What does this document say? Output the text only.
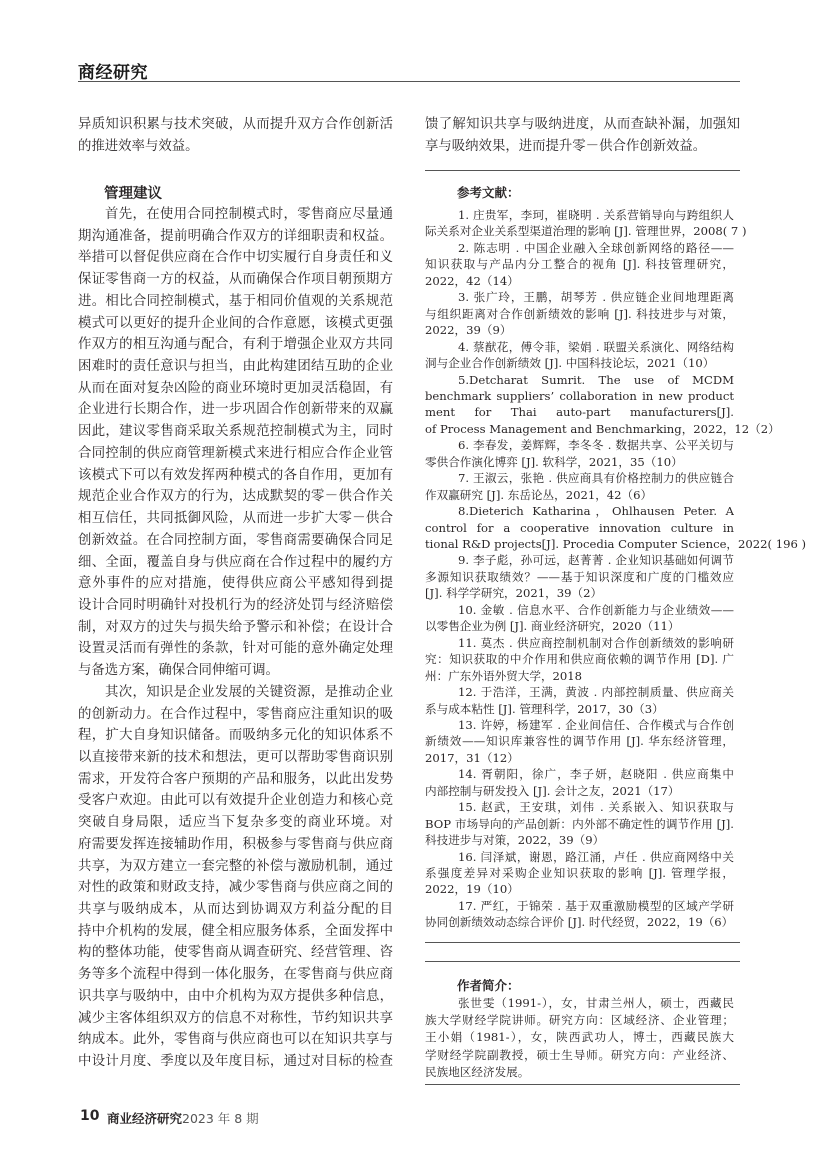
商经研究
异质知识积累与技术突破，从而提升双方合作创新活
的推进效率与效益。
首先，在使用合同控制模式时，零售商应尽量通
期沟通准备，提前明确合作双方的详细职责和权益。
举措可以督促供应商在合作中切实履行自身责任和义
保证零售商一方的权益，从而确保合作项目朝预期方
进。相比合同控制模式，基于相同价值观的关系规范
模式可以更好的提升企业间的合作意愿，该模式更强
作双方的相互沟通与配合，有利于增强企业双方共同
困难时的责任意识与担当，由此构建团结互助的企业
从而在面对复杂凶险的商业环境时更加灵活稳固，有
企业进行长期合作，进一步巩固合作创新带来的双赢
因此，建议零售商采取关系规范控制模式为主，同时
合同控制的供应商管理新模式来进行相应合作企业管
该模式下可以有效发挥两种模式的各自作用，更加有
规范企业合作双方的行为，达成默契的零－供合作关
相互信任，共同抵御风险，从而进一步扩大零－供合
创新效益。在合同控制方面，零售商需要确保合同足
细、全面，覆盖自身与供应商在合作过程中的履约方
意外事件的应对措施，使得供应商公平感知得到提
设计合同时明确针对投机行为的经济处罚与经济赔偿
制，对双方的过失与损失给予警示和补偿；在设计合
设置灵活而有弹性的条款，针对可能的意外确定处理
与备选方案，确保合同伸缩可调。
其次，知识是企业发展的关键资源，是推动企业
的创新动力。在合作过程中，零售商应注重知识的吸
程，扩大自身知识储备。而吸纳多元化的知识体系不
以直接带来新的技术和想法，更可以帮助零售商识别
需求，开发符合客户预期的产品和服务，以此出发势
受客户欢迎。由此可以有效提升企业创造力和核心竞
突破自身局限，适应当下复杂多变的商业环境。对
府需要发挥连接辅助作用，积极参与零售商与供应商
共享，为双方建立一套完整的补偿与激励机制，通过
对性的政策和财政支持，减少零售商与供应商之间的
共享与吸纳成本，从而达到协调双方利益分配的目
持中介机构的发展，健全相应服务体系，全面发挥中
构的整体功能，使零售商从调查研究、经营管理、咨
务等多个流程中得到一体化服务，在零售商与供应商
识共享与吸纳中，由中介机构为双方提供多种信息，
减少主客体组织双方的信息不对称性，节约知识共享
纳成本。此外，零售商与供应商也可以在知识共享与
中设计月度、季度以及年度目标，通过对目标的检查
管理建议
馈了解知识共享与吸纳进度，从而查缺补漏，加强知
享与吸纳效果，进而提升零－供合作创新效益。
1. 庄贵军，李珂，崔晓明 . 关系营销导向与跨组织人
际关系对企业关系型渠道治理的影响 [J]. 管理世界，2008( 7 )
2. 陈志明 . 中国企业融入全球创新网络的路径——
知识获取与产品内分工整合的视角 [J]. 科技管理研究，
2022，42（14）
3. 张广玲，王鹏，胡琴芳 . 供应链企业间地理距离
与组织距离对合作创新绩效的影响 [J]. 科技进步与对策，
2022，39（9）
4. 蔡猷花，傅令菲，梁娟 . 联盟关系演化、网络结构
洞与企业合作创新绩效 [J]. 中国科技论坛，2021（10）
5.Detcharat Sumrit. The use of MCDM
benchmark suppliers’ collaboration in new product
ment for Thai auto-part manufacturers[J].
of Process Management and Benchmarking，2022，12（2）
6. 李春发，姜辉辉，李冬冬 . 数据共享、公平关切与
零供合作演化博弈 [J]. 软科学，2021，35（10）
7. 王淑云，张艳 . 供应商具有价格控制力的供应链合
作双赢研究 [J]. 东岳论丛，2021，42（6）
8.Dieterich Katharina，Ohlhausen Peter. A
control for a cooperative innovation culture in
tional R&D projects[J]. Procedia Computer Science，2022( 196 )
9. 李子彪，孙可远，赵菁菁 . 企业知识基础如何调节
多源知识获取绩效？——基于知识深度和广度的门槛效应
[J]. 科学学研究，2021，39（2）
10. 金敏 . 信息水平、合作创新能力与企业绩效——
以零售企业为例 [J]. 商业经济研究，2020（11）
11. 莫杰 . 供应商控制机制对合作创新绩效的影响研
究：知识获取的中介作用和供应商依赖的调节作用 [D]. 广
州：广东外语外贸大学，2018
12. 于浩洋，王满，黄波 . 内部控制质量、供应商关
系与成本粘性 [J]. 管理科学，2017，30（3）
13. 许婷，杨建军 . 企业间信任、合作模式与合作创
新绩效——知识库兼容性的调节作用 [J]. 华东经济管理，
2017，31（12）
14. 胥朝阳，徐广，李子妍，赵晓阳 . 供应商集中
内部控制与研发投入 [J]. 会计之友，2021（17）
15. 赵武，王安琪，刘伟 . 关系嵌入、知识获取与
BOP 市场导向的产品创新：内外部不确定性的调节作用 [J].
科技进步与对策，2022，39（9）
16. 闫泽斌，谢恩，路江涌，卢任 . 供应商网络中关
系强度差异对采购企业知识获取的影响 [J]. 管理学报，
2022，19（10）
17. 严红，于锦荣 . 基于双重激励模型的区域产学研
协同创新绩效动态综合评价 [J]. 时代经贸，2022，19（6）
张世雯（1991-），女，甘肃兰州人，硕士，西藏民
族大学财经学院讲师。研究方向：区域经济、企业管理；
王小娟（1981-），女，陕西武功人，博士，西藏民族大
学财经学院副教授，硕士生导师。研究方向：产业经济、
民族地区经济发展。
参考文献：
作者简介：
10 商业经济研究 2023 年 8 期
